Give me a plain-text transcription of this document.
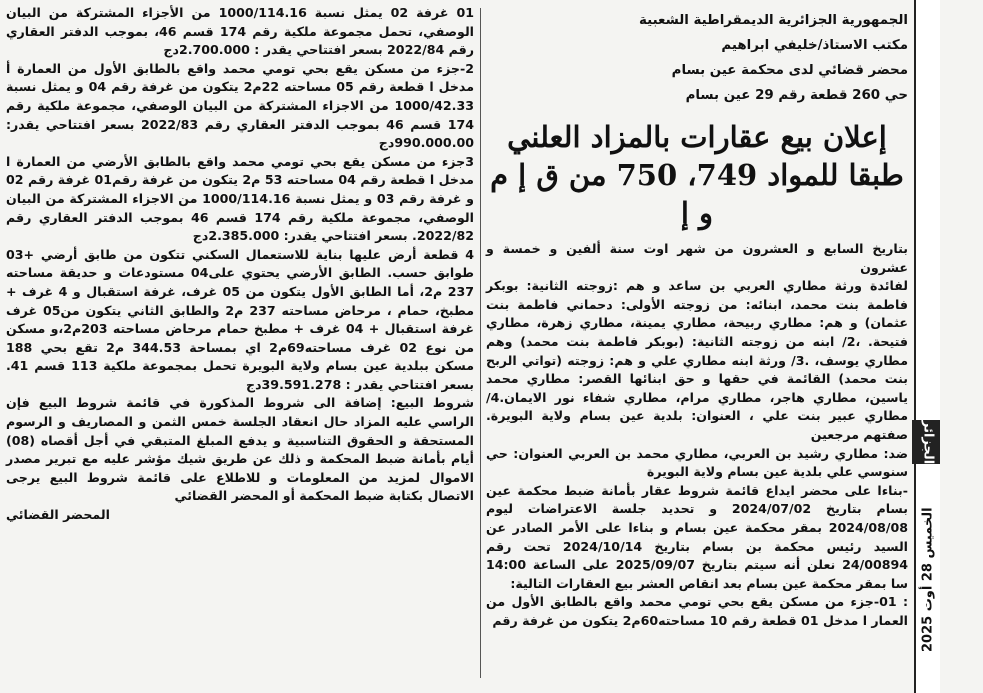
الجمهورية الجزائرية الديمقراطية الشعبية

مكتب الاستاذ/خليفي ابراهيم

محضر قضائي لدى محكمة عين بسام

حي 260 قطعة رقم 29 عين بسام

إعلان بيع عقارات بالمزاد العلني
طبقا للمواد 749، 750 من ق إ م و إ

بتاريخ السابع و العشرون من شهر اوت سنة ألفين و خمسة و عشرون

لفائدة ورثة مطاري العربي بن ساعد و هم :زوجته الثانية: بوبكر فاطمة بنت محمد، ابنائه: من زوجته الأولى: دحماني فاطمة بنت عثمان) و هم: مطاري ربيحة، مطاري يمينة، مطاري زهرة، مطاري فتيحة. ،2/ ابنه من زوجته الثانية: (بوبكر فاطمة بنت محمد) وهم مطاري يوسف، .3/ ورثة ابنه مطاري علي و هم: زوجته (تواتي الربح بنت محمد) القائمة في حقها و حق ابنائها القصر: مطاري محمد ياسين، مطاري هاجر، مطاري مرام، مطاري شفاء نور الايمان.4/ مطاري عبير بنت علي ، العنوان: بلدية عين بسام ولاية البويرة. صفتهم مرجعين

ضد: مطاري رشيد بن العربي، مطاري محمد بن العربي العنوان: حي سنوسي علي بلدية عين بسام ولاية البويرة

-بناءا على محضر ايداع قائمة شروط عقار بأمانة ضبط محكمة عين بسام بتاريخ 2024/07/02 و تحديد جلسة الاعتراضات ليوم 2024/08/08 بمقر محكمة عين بسام و بناءا على الأمر الصادر عن السيد رئيس محكمة بن بسام بتاريخ 2024/10/14 تحت رقم 24/00894 نعلن أنه سيتم بتاريخ 2025/09/07 على الساعة 14:00 سا بمقر محكمة عين بسام بعد انقاص العشر بيع العقارات التالية:

: 01-جزء من مسكن يقع بحي تومي محمد واقع بالطابق الأول من العمار ا مدخل 01 قطعة رقم 10 مساحته60م2 يتكون من غرفة رقم

01 غرفة 02 يمثل نسبة 1000/114.16 من الأجزاء المشتركة من البيان الوصفي، تحمل مجموعة ملكية رقم 174 قسم 46، بموجب الدفتر العقاري رقم 2022/84 بسعر افتتاحي يقدر : 2.700.000دج

2-جزء من مسكن يقع بحي تومي محمد واقع بالطابق الأول من العمارة أ مدخل ا قطعة رقم 05 مساحته 22م2 يتكون من غرفة رقم 04 و يمثل نسبة 1000/42.33 من الاجزاء المشتركة من البيان الوصفي، مجموعة ملكية رقم 174 قسم 46 بموجب الدفتر العقاري رقم 2022/83 بسعر افتتاحي يقدر: 990.000.00دج

3جزء من مسكن يقع بحي تومي محمد واقع بالطابق الأرضي من العمارة ا مدخل ا قطعة رقم 04 مساحته 53 م2 يتكون من غرفة رقم01 غرفة رقم 02 و غرفة رقم 03 و يمثل نسبة 1000/114.16 من الاجزاء المشتركة من البيان الوصفي، مجموعة ملكية رقم 174 قسم 46 بموجب الدفتر العقاري رقم 2022/82. بسعر افتتاحي يقدر: 2.385.000دج

4 قطعة أرض عليها بناية للاستعمال السكني تتكون من طابق أرضي +03 طوابق حسب. الطابق الأرضي يحتوي على04 مستودعات و حديقة مساحته 237 م2، أما الطابق الأول يتكون من 05 غرف، غرفة استقبال و 4 غرف + مطبخ، حمام ، مرحاض مساحته 237 م2 والطابق الثاني يتكون من05 غرف غرفة استقبال + 04 غرف + مطبخ حمام مرحاض مساحته 203م2،و مسكن من نوع 02 غرف مساحته69م2 اي بمساحة 344.53 م2 تقع بحي 188 مسكن ببلدية عين بسام ولاية البويرة تحمل بمجموعة ملكية 113 قسم 41. بسعر افتتاحي يقدر : 39.591.278دج

شروط البيع: إضافة الى شروط المذكورة في قائمة شروط البيع فإن الراسي عليه المزاد حال انعقاد الجلسة خمس الثمن و المصاريف و الرسوم المستحقة و الحقوق التناسبية و يدفع المبلغ المتبقي في أجل أقصاه (08) أيام بأمانة ضبط المحكمة و ذلك عن طريق شيك مؤشر عليه مع تبرير مصدر الاموال لمزيد من المعلومات و للاطلاع على قائمة شروط البيع يرجى الاتصال بكتابة ضبط المحكمة أو المحضر القضائي

المحضر القضائي
الجزائر
الخميس 28 أوت 2025
